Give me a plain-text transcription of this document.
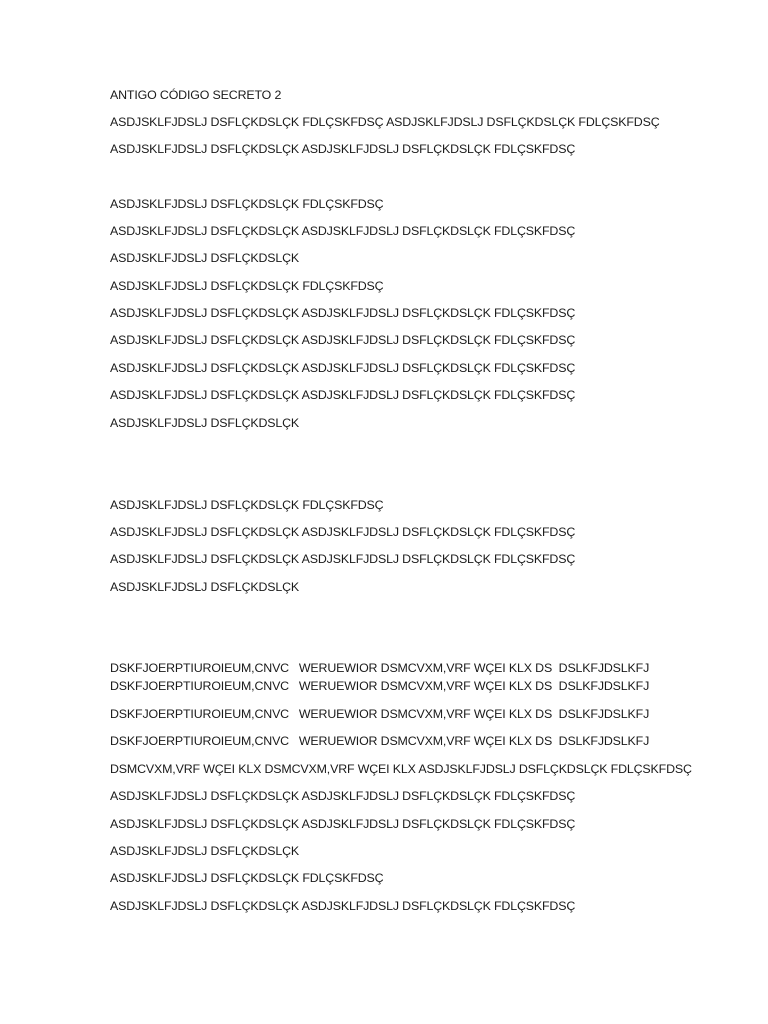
ANTIGO CÓDIGO SECRETO 2
ASDJSKLFJDSLJ DSFLÇKDSLÇK FDLÇSKFDSÇ ASDJSKLFJDSLJ DSFLÇKDSLÇK FDLÇSKFDSÇ
ASDJSKLFJDSLJ DSFLÇKDSLÇK ASDJSKLFJDSLJ DSFLÇKDSLÇK FDLÇSKFDSÇ
ASDJSKLFJDSLJ DSFLÇKDSLÇK FDLÇSKFDSÇ
ASDJSKLFJDSLJ DSFLÇKDSLÇK ASDJSKLFJDSLJ DSFLÇKDSLÇK FDLÇSKFDSÇ
ASDJSKLFJDSLJ DSFLÇKDSLÇK
ASDJSKLFJDSLJ DSFLÇKDSLÇK FDLÇSKFDSÇ
ASDJSKLFJDSLJ DSFLÇKDSLÇK ASDJSKLFJDSLJ DSFLÇKDSLÇK FDLÇSKFDSÇ
ASDJSKLFJDSLJ DSFLÇKDSLÇK ASDJSKLFJDSLJ DSFLÇKDSLÇK FDLÇSKFDSÇ
ASDJSKLFJDSLJ DSFLÇKDSLÇK ASDJSKLFJDSLJ DSFLÇKDSLÇK FDLÇSKFDSÇ
ASDJSKLFJDSLJ DSFLÇKDSLÇK ASDJSKLFJDSLJ DSFLÇKDSLÇK FDLÇSKFDSÇ
ASDJSKLFJDSLJ DSFLÇKDSLÇK
ASDJSKLFJDSLJ DSFLÇKDSLÇK FDLÇSKFDSÇ
ASDJSKLFJDSLJ DSFLÇKDSLÇK ASDJSKLFJDSLJ DSFLÇKDSLÇK FDLÇSKFDSÇ
ASDJSKLFJDSLJ DSFLÇKDSLÇK ASDJSKLFJDSLJ DSFLÇKDSLÇK FDLÇSKFDSÇ
ASDJSKLFJDSLJ DSFLÇKDSLÇK
DSKFJOERPTIUROIEUM,CNVC   WERUEWIOR DSMCVXM,VRF WÇEI KLX DS  DSLKFJDSLKFJ
DSKFJOERPTIUROIEUM,CNVC   WERUEWIOR DSMCVXM,VRF WÇEI KLX DS  DSLKFJDSLKFJ
DSKFJOERPTIUROIEUM,CNVC   WERUEWIOR DSMCVXM,VRF WÇEI KLX DS  DSLKFJDSLKFJ
DSKFJOERPTIUROIEUM,CNVC   WERUEWIOR DSMCVXM,VRF WÇEI KLX DS  DSLKFJDSLKFJ
DSMCVXM,VRF WÇEI KLX DSMCVXM,VRF WÇEI KLX ASDJSKLFJDSLJ DSFLÇKDSLÇK FDLÇSKFDSÇ
ASDJSKLFJDSLJ DSFLÇKDSLÇK ASDJSKLFJDSLJ DSFLÇKDSLÇK FDLÇSKFDSÇ
ASDJSKLFJDSLJ DSFLÇKDSLÇK ASDJSKLFJDSLJ DSFLÇKDSLÇK FDLÇSKFDSÇ
ASDJSKLFJDSLJ DSFLÇKDSLÇK
ASDJSKLFJDSLJ DSFLÇKDSLÇK FDLÇSKFDSÇ
ASDJSKLFJDSLJ DSFLÇKDSLÇK ASDJSKLFJDSLJ DSFLÇKDSLÇK FDLÇSKFDSÇ
